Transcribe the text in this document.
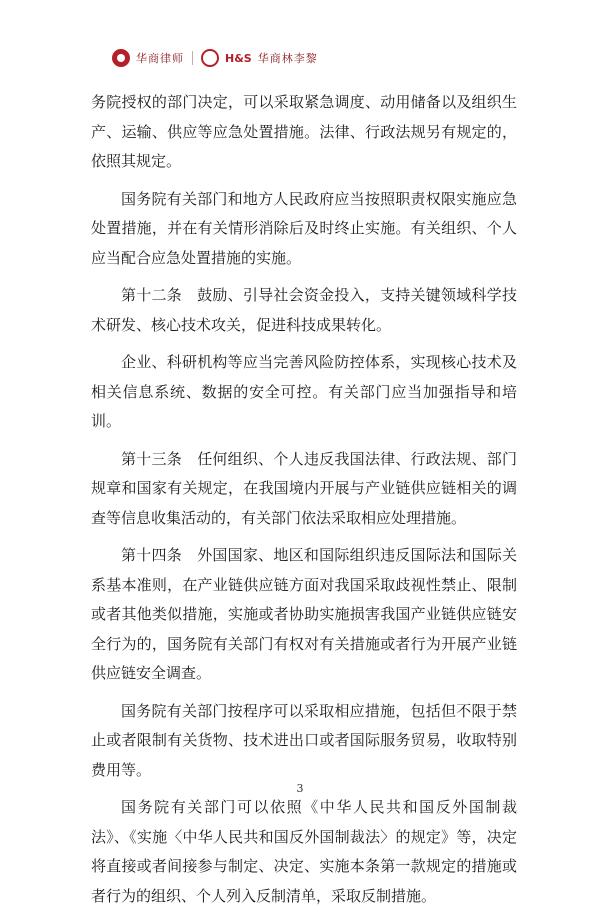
华商律师	H&S 华商林李黎

务院授权的部门决定，可以采取紧急调度、动用储备以及组织生产、运输、供应等应急处置措施。法律、行政法规另有规定的，依照其规定。

国务院有关部门和地方人民政府应当按照职责权限实施应急处置措施，并在有关情形消除后及时终止实施。有关组织、个人应当配合应急处置措施的实施。

第十二条　鼓励、引导社会资金投入，支持关键领域科学技术研发、核心技术攻关，促进科技成果转化。

企业、科研机构等应当完善风险防控体系，实现核心技术及相关信息系统、数据的安全可控。有关部门应当加强指导和培训。

第十三条　任何组织、个人违反我国法律、行政法规、部门规章和国家有关规定，在我国境内开展与产业链供应链相关的调查等信息收集活动的，有关部门依法采取相应处理措施。

第十四条　外国国家、地区和国际组织违反国际法和国际关系基本准则，在产业链供应链方面对我国采取歧视性禁止、限制或者其他类似措施，实施或者协助实施损害我国产业链供应链安全行为的，国务院有关部门有权对有关措施或者行为开展产业链供应链安全调查。

国务院有关部门按程序可以采取相应措施，包括但不限于禁止或者限制有关货物、技术进出口或者国际服务贸易，收取特别费用等。

国务院有关部门可以依照《中华人民共和国反外国制裁法》、《实施〈中华人民共和国反外国制裁法〉的规定》等，决定将直接或者间接参与制定、决定、实施本条第一款规定的措施或者行为的组织、个人列入反制清单，采取反制措施。

3
